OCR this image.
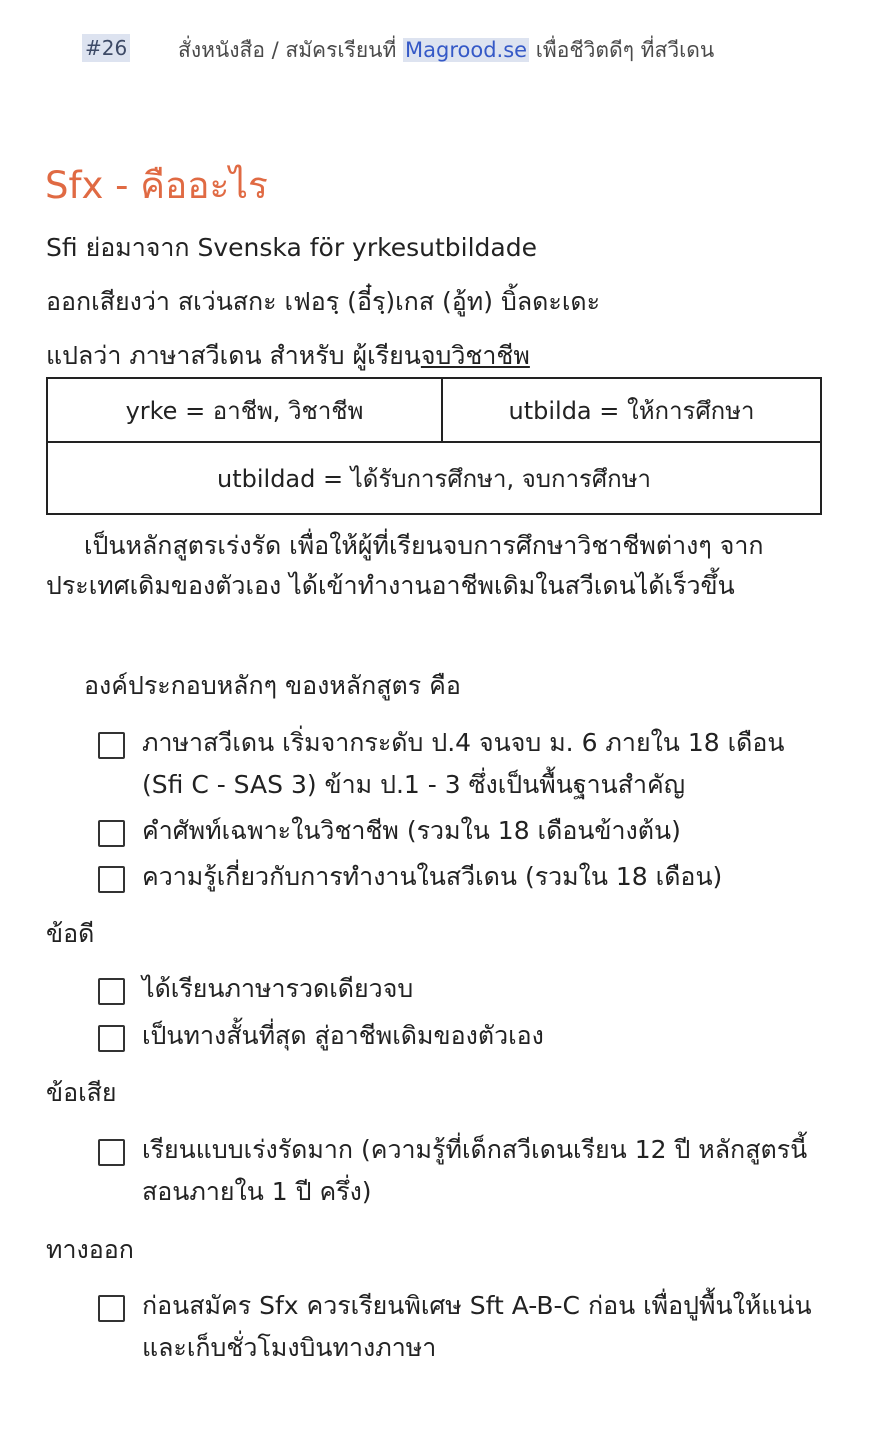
#26 สั่งหนังสือ / สมัครเรียนที่ Magrood.se เพื่อชีวิตดีๆ ที่สวีเดน
Sfx - คืออะไร
Sfi ย่อมาจาก Svenska för yrkesutbildade
ออกเสียงว่า สเว่นสกะ เฟอรฺ (อี๋รฺ)เกส (อู้ท) บิ้ลดะเดะ
แปลว่า ภาษาสวีเดน สำหรับ ผู้เรียนจบวิชาชีพ
yrke = อาชีพ, วิชาชีพ	utbilda = ให้การศึกษา
utbildad = ได้รับการศึกษา, จบการศึกษา

เป็นหลักสูตรเร่งรัด เพื่อให้ผู้ที่เรียนจบการศึกษาวิชาชีพต่างๆ จากประเทศเดิมของตัวเอง ได้เข้าทำงานอาชีพเดิมในสวีเดนได้เร็วขึ้น

องค์ประกอบหลักๆ ของหลักสูตร คือ
ภาษาสวีเดน เริ่มจากระดับ ป.4 จนจบ ม. 6 ภายใน 18 เดือน (Sfi C - SAS 3) ข้าม ป.1 - 3 ซึ่งเป็นพื้นฐานสำคัญ
คำศัพท์เฉพาะในวิชาชีพ (รวมใน 18 เดือนข้างต้น)
ความรู้เกี่ยวกับการทำงานในสวีเดน (รวมใน 18 เดือน)
ข้อดี
ได้เรียนภาษารวดเดียวจบ
เป็นทางสั้นที่สุด สู่อาชีพเดิมของตัวเอง
ข้อเสีย
เรียนแบบเร่งรัดมาก (ความรู้ที่เด็กสวีเดนเรียน 12 ปี หลักสูตรนี้สอนภายใน 1 ปี ครึ่ง)
ทางออก
ก่อนสมัคร Sfx ควรเรียนพิเศษ Sft A-B-C ก่อน เพื่อปูพื้นให้แน่น และเก็บชั่วโมงบินทางภาษา
